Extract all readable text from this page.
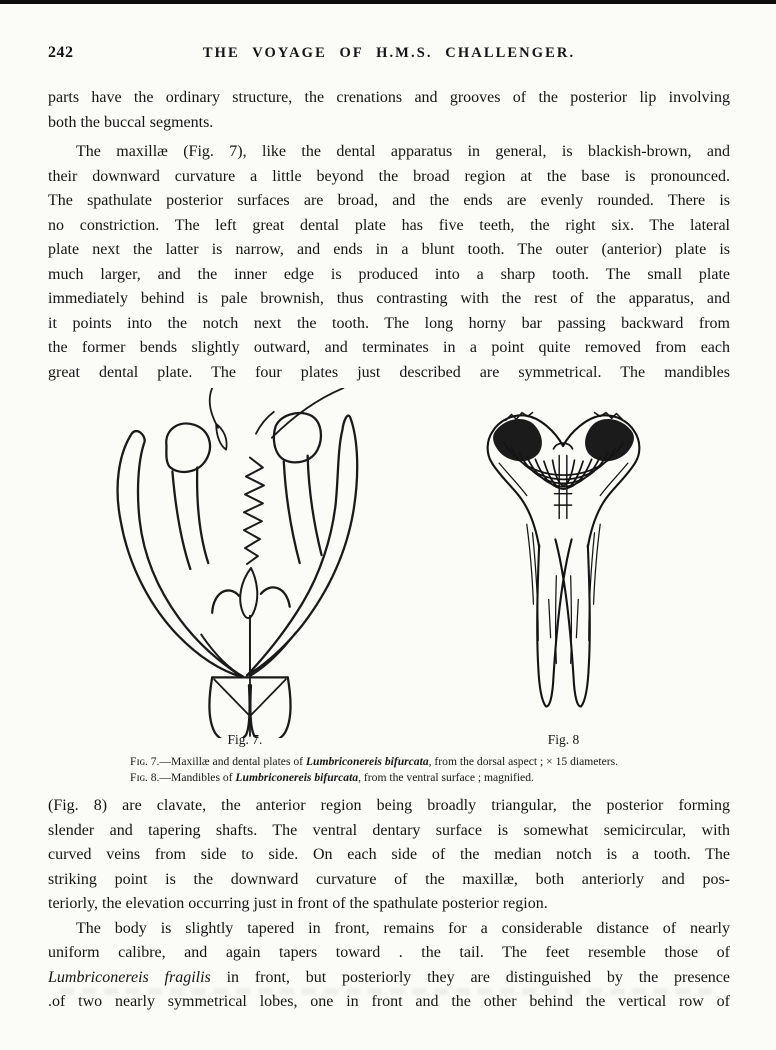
242	THE VOYAGE OF H.M.S. CHALLENGER.
parts have the ordinary structure, the crenations and grooves of the posterior lip involving
both the buccal segments.
The maxillæ (Fig. 7), like the dental apparatus in general, is blackish-brown, and
their downward curvature a little beyond the broad region at the base is pronounced.
The spathulate posterior surfaces are broad, and the ends are evenly rounded. There is
no constriction. The left great dental plate has five teeth, the right six. The lateral
plate next the latter is narrow, and ends in a blunt tooth. The outer (anterior) plate is
much larger, and the inner edge is produced into a sharp tooth. The small plate
immediately behind is pale brownish, thus contrasting with the rest of the apparatus, and
it points into the notch next the tooth. The long horny bar passing backward from
the former bends slightly outward, and terminates in a point quite removed from each
great dental plate. The four plates just described are symmetrical. The mandibles
Fig. 7.	Fig. 8
Fɪɢ. 7.—Maxillæ and dental plates of Lumbriconereis bifurcata, from the dorsal aspect ; × 15 diameters.
Fɪɢ. 8.—Mandibles of Lumbriconereis bifurcata, from the ventral surface ; magnified.
(Fig. 8) are clavate, the anterior region being broadly triangular, the posterior forming
slender and tapering shafts. The ventral dentary surface is somewhat semicircular, with
curved veins from side to side. On each side of the median notch is a tooth. The
striking point is the downward curvature of the maxillæ, both anteriorly and pos-
teriorly, the elevation occurring just in front of the spathulate posterior region.
The body is slightly tapered in front, remains for a considerable distance of nearly
uniform calibre, and again tapers toward . the tail. The feet resemble those of
Lumbriconereis fragilis in front, but posteriorly they are distinguished by the presence
.of two nearly symmetrical lobes, one in front and the other behind the vertical row of
